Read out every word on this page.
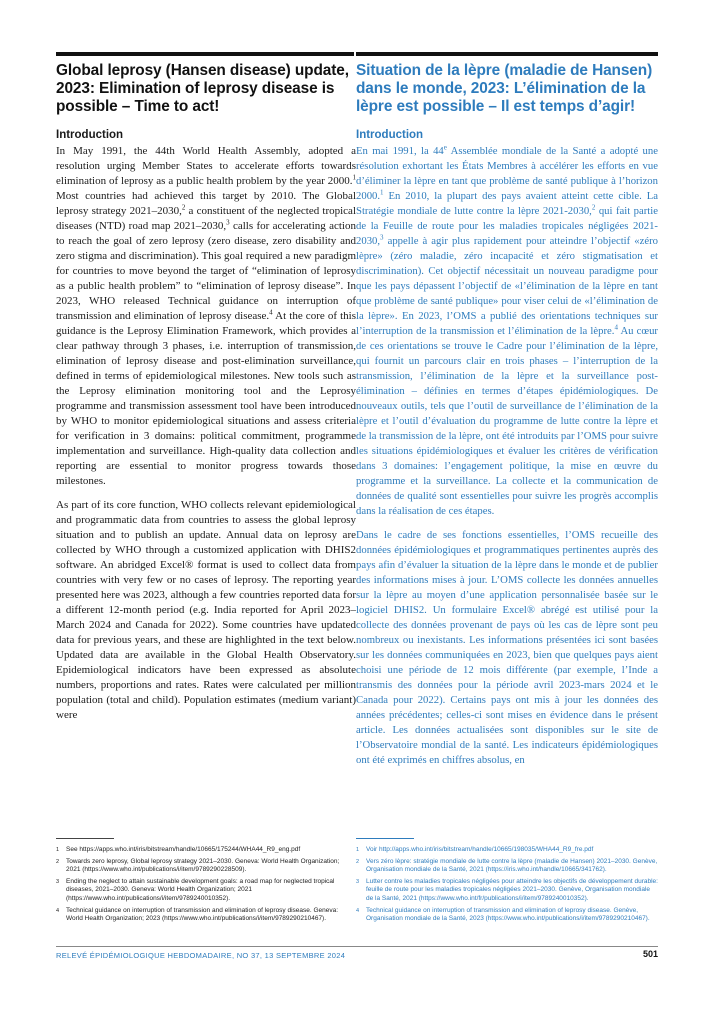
Global leprosy (Hansen disease) update, 2023: Elimination of leprosy disease is possible – Time to act!
Introduction

In May 1991, the 44th World Health Assembly, adopted a resolution urging Member States to accelerate efforts towards elimination of leprosy as a public health problem by the year 2000.$^1$ Most countries had achieved this target by 2010. The Global leprosy strategy 2021–2030,$^2$ a constituent of the neglected tropical diseases (NTD) road map 2021–2030,$^3$ calls for accelerating action to reach the goal of zero leprosy (zero disease, zero disability and zero stigma and discrimination). This goal required a new paradigm for countries to move beyond the target of “elimination of leprosy as a public health problem” to “elimination of leprosy disease”. In 2023, WHO released Technical guidance on interruption of transmission and elimination of leprosy disease.$^4$ At the core of this guidance is the Leprosy Elimination Framework, which provides a clear pathway through 3 phases, i.e. interruption of transmission, elimination of leprosy disease and post-elimination surveillance, defined in terms of epidemiological milestones. New tools such as the Leprosy elimination monitoring tool and the Leprosy programme and transmission assessment tool have been introduced by WHO to monitor epidemiological situations and assess criteria for verification in 3 domains: political commitment, programme implementation and surveillance. High-quality data collection and reporting are essential to monitor progress towards those milestones.

As part of its core function, WHO collects relevant epidemiological and programmatic data from countries to assess the global leprosy situation and to publish an update. Annual data on leprosy are collected by WHO through a customized application with DHIS2 software. An abridged Excel® format is used to collect data from countries with very few or no cases of leprosy. The reporting year presented here was 2023, although a few countries reported data for a different 12-month period (e.g. India reported for April 2023–March 2024 and Canada for 2022). Some countries have updated data for previous years, and these are highlighted in the text below. Updated data are available in the Global Health Observatory. Epidemiological indicators have been expressed as absolute numbers, proportions and rates. Rates were calculated per million population (total and child). Population estimates (medium variant) were

Situation de la lèpre (maladie de Hansen) dans le monde, 2023: L’élimination de la lèpre est possible – Il est temps d’agir!
Introduction

En mai 1991, la 44e Assemblée mondiale de la Santé a adopté une résolution exhortant les États Membres à accélérer les efforts en vue d’éliminer la lèpre en tant que problème de santé publique à l’horizon 2000.$^1$ En 2010, la plupart des pays avaient atteint cette cible. La Stratégie mondiale de lutte contre la lèpre 2021-2030,$^2$ qui fait partie de la Feuille de route pour les maladies tropicales négligées 2021-2030,$^3$ appelle à agir plus rapidement pour atteindre l’objectif «zéro lèpre» (zéro maladie, zéro incapacité et zéro stigmatisation et discrimination). Cet objectif nécessitait un nouveau paradigme pour que les pays dépassent l’objectif de «l’élimination de la lèpre en tant que problème de santé publique» pour viser celui de «l’élimination de la lèpre». En 2023, l’OMS a publié des orientations techniques sur l’interruption de la transmission et l’élimination de la lèpre.$^4$ Au cœur de ces orientations se trouve le Cadre pour l’élimination de la lèpre, qui fournit un parcours clair en trois phases – l’interruption de la transmission, l’élimination de la lèpre et la surveillance post-élimination – définies en termes d’étapes épidémiologiques. De nouveaux outils, tels que l’outil de surveillance de l’élimination de la lèpre et l’outil d’évaluation du programme de lutte contre la lèpre et de la transmission de la lèpre, ont été introduits par l’OMS pour suivre les situations épidémiologiques et évaluer les critères de vérification dans 3 domaines: l’engagement politique, la mise en œuvre du programme et la surveillance. La collecte et la communication de données de qualité sont essentielles pour suivre les progrès accomplis dans la réalisation de ces étapes.

Dans le cadre de ses fonctions essentielles, l’OMS recueille des données épidémiologiques et programmatiques pertinentes auprès des pays afin d’évaluer la situation de la lèpre dans le monde et de publier des informations mises à jour. L’OMS collecte les données annuelles sur la lèpre au moyen d’une application personnalisée basée sur le logiciel DHIS2. Un formulaire Excel® abrégé est utilisé pour la collecte des données provenant de pays où les cas de lèpre sont peu nombreux ou inexistants. Les informations présentées ici sont basées sur les données communiquées en 2023, bien que quelques pays aient choisi une période de 12 mois différente (par exemple, l’Inde a transmis des données pour la période avril 2023-mars 2024 et le Canada pour 2022). Certains pays ont mis à jour les données des années précédentes; celles-ci sont mises en évidence dans le présent article. Les données actualisées sont disponibles sur le site de l’Observatoire mondial de la santé. Les indicateurs épidémiologiques ont été exprimés en chiffres absolus, en

1 See https://apps.who.int/iris/bitstream/handle/10665/175244/WHA44_R9_eng.pdf
2 Towards zero leprosy, Global leprosy strategy 2021–2030. Geneva: World Health Organization; 2021 (https://www.who.int/publications/i/item/9789290228509).
3 Ending the neglect to attain sustainable development goals: a road map for neglected tropical diseases, 2021–2030. Geneva: World Health Organization; 2021 (https://www.who.int/publications/i/item/9789240010352).
4 Technical guidance on interruption of transmission and elimination of leprosy disease. Geneva: World Health Organization; 2023 (https://www.who.int/publications/i/item/9789290210467).
1 Voir http://apps.who.int/iris/bitstream/handle/10665/198035/WHA44_R9_fre.pdf
2 Vers zéro lèpre: stratégie mondiale de lutte contre la lèpre (maladie de Hansen) 2021–2030. Genève, Organisation mondiale de la Santé, 2021 (https://iris.who.int/handle/10665/341762).
3 Lutter contre les maladies tropicales négligées pour atteindre les objectifs de développement durable: feuille de route pour les maladies tropicales négligées 2021–2030. Genève, Organisation mondiale de la Santé, 2021 (https://www.who.int/fr/publications/i/item/9789240010352).
4 Technical guidance on interruption of transmission and elimination of leprosy disease. Genève, Organisation mondiale de la Santé, 2023 (https://www.who.int/publications/i/item/9789290210467).
RELEVÉ ÉPIDÉMIOLOGIQUE HEBDOMADAIRE, NO 37, 13 SEPTEMBRE 2024	501
